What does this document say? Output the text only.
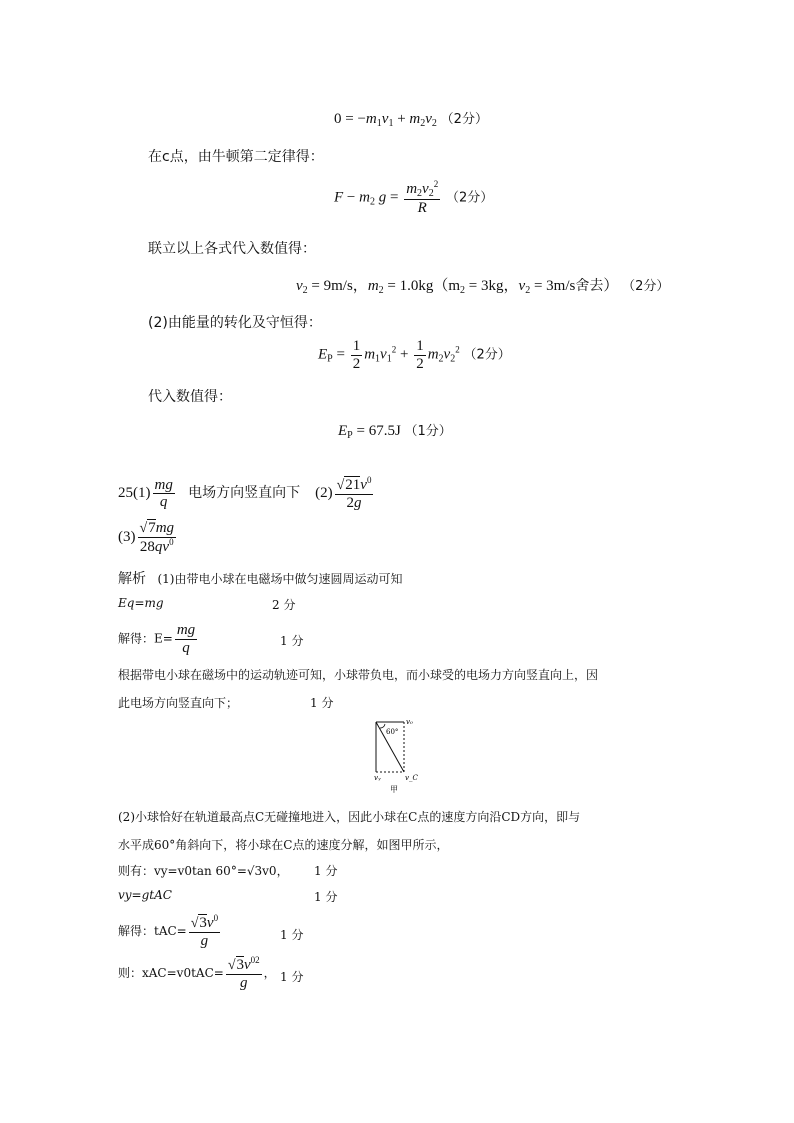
$0 = -m_1v_1 + m_2v_2$ （2分）
在c点，由牛顿第二定律得：
$F - m_2$ $g = \frac{m_2v_2^2}{R} (2$分）
联立以上各式代入数值得：
$v_2 = 9m/s$，$m_2 = 1.0kg(m_2 = 3kg$，$v_2 = 3m/s$舍去） （2分）
(2)由能量的转化及守恒得：
$E_P = \frac{1}{2} m_1v_1^2 + \frac{1}{2} m_2v_2^2$ （2分）
代入数值得：
$E_P = 67.5J$ （1分）
$25(1) \frac{mg}{q}$ 电场方向竖直向下 $(2) \frac{√21v^0}{2g}$
$(3) \frac{√7mg}{28qv^0}$
解析 (1)由带电小球在电磁场中做匀速圆周运动可知
Eq=mg	2 分
解得：$E= \frac{mg}{q}$	1 分
根据带电小球在磁场中的运动轨迹可知，小球带负电，而小球受的电场力方向竖直向上，因
此电场方向竖直向下；	1 分
60°
v₀
vᵧ	v_C
甲
(2)小球恰好在轨道最高点C无碰撞地进入，因此小球在C点的速度方向沿CD方向，即与
水平成60°角斜向下，将小球在C点的速度分解，如图甲所示，
则有：vy=v0tan 60°=√3v0， 1 分
vy=gtAC	1 分
解得：$tAC= \frac{√3v^0}{g}$	1 分
则：$xAC=v0tAC= \frac{√3v^{02}}{g}$ ， 1 分
